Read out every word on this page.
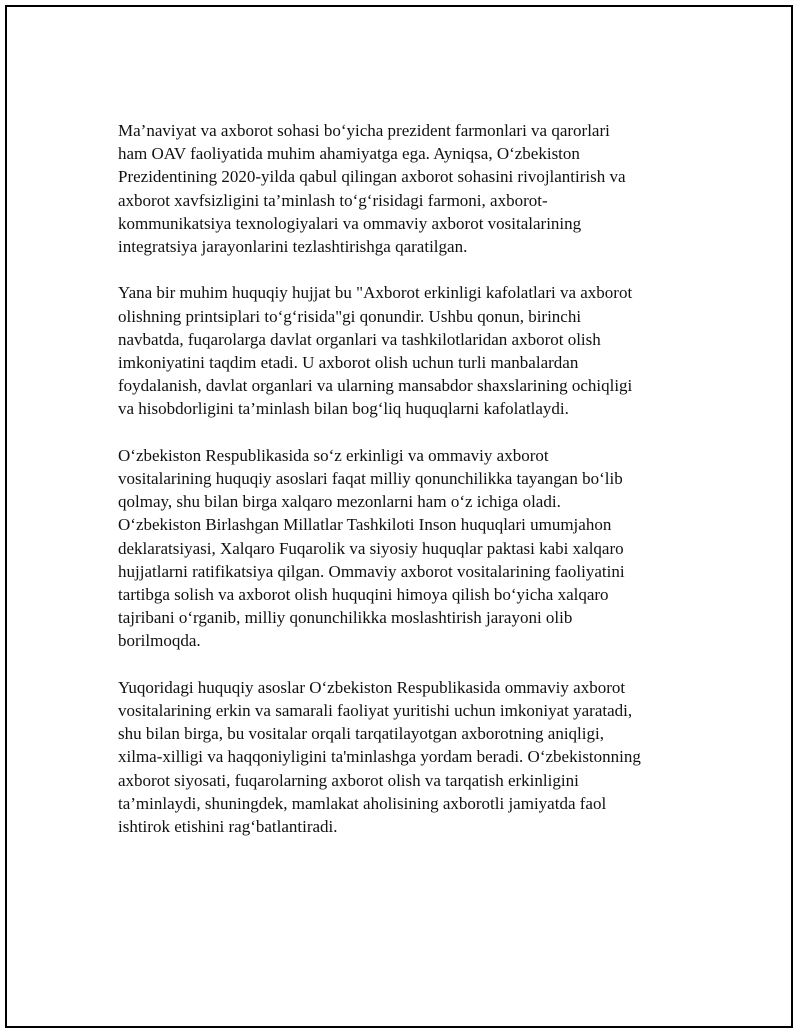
Ma’naviyat va axborot sohasi bo‘yicha prezident farmonlari va qarorlari
ham OAV faoliyatida muhim ahamiyatga ega. Ayniqsa, O‘zbekiston
Prezidentining 2020-yilda qabul qilingan axborot sohasini rivojlantirish va
axborot xavfsizligini ta’minlash to‘g‘risidagi farmoni, axborot-
kommunikatsiya texnologiyalari va ommaviy axborot vositalarining
integratsiya jarayonlarini tezlashtirishga qaratilgan.

Yana bir muhim huquqiy hujjat bu "Axborot erkinligi kafolatlari va axborot
olishning printsiplari to‘g‘risida"gi qonundir. Ushbu qonun, birinchi
navbatda, fuqarolarga davlat organlari va tashkilotlaridan axborot olish
imkoniyatini taqdim etadi. U axborot olish uchun turli manbalardan
foydalanish, davlat organlari va ularning mansabdor shaxslarining ochiqligi
va hisobdorligini ta’minlash bilan bog‘liq huquqlarni kafolatlaydi.

O‘zbekiston Respublikasida so‘z erkinligi va ommaviy axborot
vositalarining huquqiy asoslari faqat milliy qonunchilikka tayangan bo‘lib
qolmay, shu bilan birga xalqaro mezonlarni ham o‘z ichiga oladi.
O‘zbekiston Birlashgan Millatlar Tashkiloti Inson huquqlari umumjahon
deklaratsiyasi, Xalqaro Fuqarolik va siyosiy huquqlar paktasi kabi xalqaro
hujjatlarni ratifikatsiya qilgan. Ommaviy axborot vositalarining faoliyatini
tartibga solish va axborot olish huquqini himoya qilish bo‘yicha xalqaro
tajribani o‘rganib, milliy qonunchilikka moslashtirish jarayoni olib
borilmoqda.

Yuqoridagi huquqiy asoslar O‘zbekiston Respublikasida ommaviy axborot
vositalarining erkin va samarali faoliyat yuritishi uchun imkoniyat yaratadi,
shu bilan birga, bu vositalar orqali tarqatilayotgan axborotning aniqligi,
xilma-xilligi va haqqoniyligini ta'minlashga yordam beradi. O‘zbekistonning
axborot siyosati, fuqarolarning axborot olish va tarqatish erkinligini
ta’minlaydi, shuningdek, mamlakat aholisining axborotli jamiyatda faol
ishtirok etishini rag‘batlantiradi.
